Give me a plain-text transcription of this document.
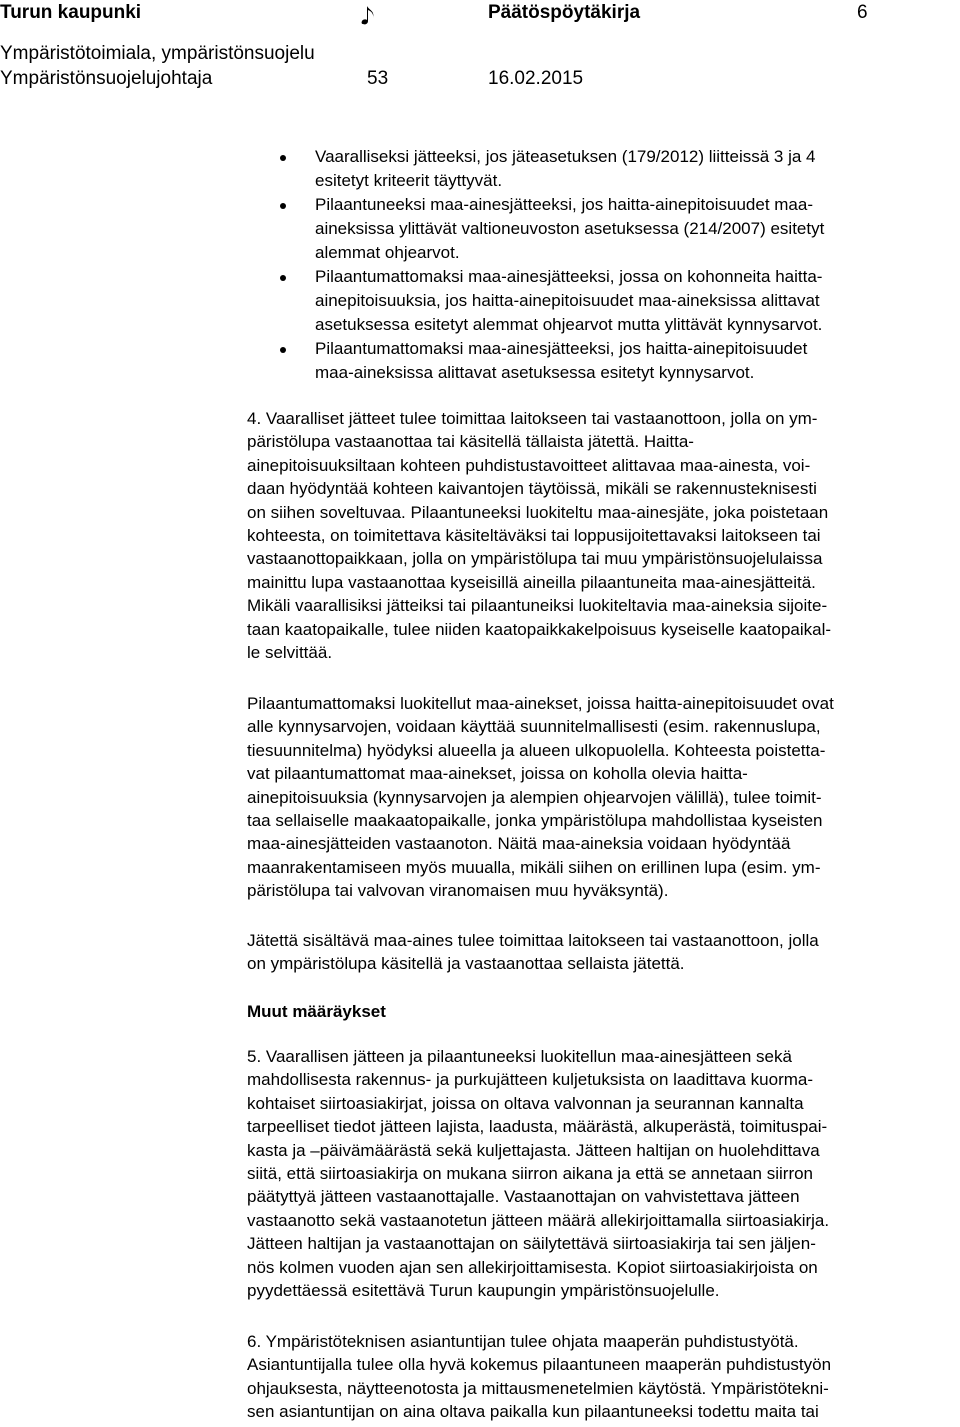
Turun kaupunki	Päätöspöytäkirja	6
Ympäristötoimiala, ympäristönsuojelu
Ympäristönsuojelujohtaja	53	16.02.2015
Vaaralliseksi jätteeksi, jos jäteasetuksen (179/2012) liitteissä 3 ja 4
esitetyt kriteerit täyttyvät.
Pilaantuneeksi maa-ainesjätteeksi, jos haitta-ainepitoisuudet maa-
aineksissa ylittävät valtioneuvoston asetuksessa (214/2007) esitetyt
alemmat ohjearvot.
Pilaantumattomaksi maa-ainesjätteeksi, jossa on kohonneita haitta-
ainepitoisuuksia, jos haitta-ainepitoisuudet maa-aineksissa alittavat
asetuksessa esitetyt alemmat ohjearvot mutta ylittävät kynnysarvot.
Pilaantumattomaksi maa-ainesjätteeksi, jos haitta-ainepitoisuudet
maa-aineksissa alittavat asetuksessa esitetyt kynnysarvot.
4. Vaaralliset jätteet tulee toimittaa laitokseen tai vastaanottoon, jolla on ym-
päristölupa vastaanottaa tai käsitellä tällaista jätettä. Haitta-
ainepitoisuuksiltaan kohteen puhdistustavoitteet alittavaa maa-ainesta, voi-
daan hyödyntää kohteen kaivantojen täytöissä, mikäli se rakennusteknisesti
on siihen soveltuvaa. Pilaantuneeksi luokiteltu maa-ainesjäte, joka poistetaan
kohteesta, on toimitettava käsiteltäväksi tai loppusijoitettavaksi laitokseen tai
vastaanottopaikkaan, jolla on ympäristölupa tai muu ympäristönsuojelulaissa
mainittu lupa vastaanottaa kyseisillä aineilla pilaantuneita maa-ainesjätteitä.
Mikäli vaarallisiksi jätteiksi tai pilaantuneiksi luokiteltavia maa-aineksia sijoite-
taan kaatopaikalle, tulee niiden kaatopaikkakelpoisuus kyseiselle kaatopaikal-
le selvittää.
Pilaantumattomaksi luokitellut maa-ainekset, joissa haitta-ainepitoisuudet ovat
alle kynnysarvojen, voidaan käyttää suunnitelmallisesti (esim. rakennuslupa,
tiesuunnitelma) hyödyksi alueella ja alueen ulkopuolella. Kohteesta poistetta-
vat pilaantumattomat maa-ainekset, joissa on koholla olevia haitta-
ainepitoisuuksia (kynnysarvojen ja alempien ohjearvojen välillä), tulee toimit-
taa sellaiselle maakaatopaikalle, jonka ympäristölupa mahdollistaa kyseisten
maa-ainesjätteiden vastaanoton. Näitä maa-aineksia voidaan hyödyntää
maanrakentamiseen myös muualla, mikäli siihen on erillinen lupa (esim. ym-
päristölupa tai valvovan viranomaisen muu hyväksyntä).
Jätettä sisältävä maa-aines tulee toimittaa laitokseen tai vastaanottoon, jolla
on ympäristölupa käsitellä ja vastaanottaa sellaista jätettä.
Muut määräykset
5. Vaarallisen jätteen ja pilaantuneeksi luokitellun maa-ainesjätteen sekä
mahdollisesta rakennus- ja purkujätteen kuljetuksista on laadittava kuorma-
kohtaiset siirtoasiakirjat, joissa on oltava valvonnan ja seurannan kannalta
tarpeelliset tiedot jätteen lajista, laadusta, määrästä, alkuperästä, toimituspai-
kasta ja –päivämäärästä sekä kuljettajasta. Jätteen haltijan on huolehdittava
siitä, että siirtoasiakirja on mukana siirron aikana ja että se annetaan siirron
päätyttyä jätteen vastaanottajalle. Vastaanottajan on vahvistettava jätteen
vastaanotto sekä vastaanotetun jätteen määrä allekirjoittamalla siirtoasiakirja.
Jätteen haltijan ja vastaanottajan on säilytettävä siirtoasiakirja tai sen jäljen-
nös kolmen vuoden ajan sen allekirjoittamisesta. Kopiot siirtoasiakirjoista on
pyydettäessä esitettävä Turun kaupungin ympäristönsuojelulle.
6. Ympäristöteknisen asiantuntijan tulee ohjata maaperän puhdistustyötä.
Asiantuntijalla tulee olla hyvä kokemus pilaantuneen maaperän puhdistustyön
ohjauksesta, näytteenotosta ja mittausmenetelmien käytöstä. Ympäristötekni-
sen asiantuntijan on aina oltava paikalla kun pilaantuneeksi todettu maita tai
